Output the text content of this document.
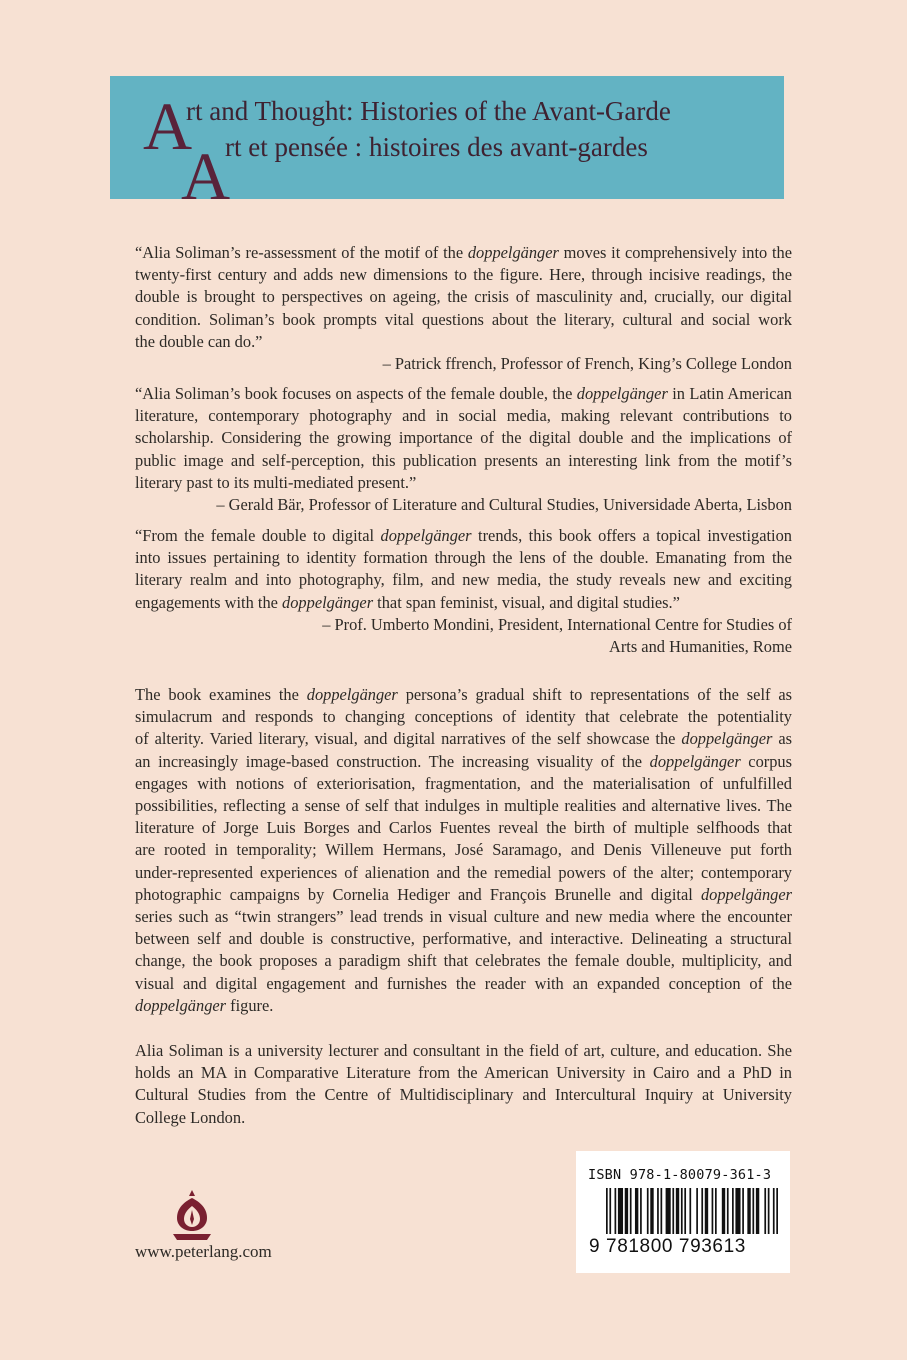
A
rt and Thought: Histories of the Avant-Garde
A
rt et pensée : histoires des avant-gardes
“Alia Soliman’s re-assessment of the motif of the doppelgänger moves it comprehensively into the
twenty-first century and adds new dimensions to the figure. Here, through incisive readings, the
double is brought to perspectives on ageing, the crisis of masculinity and, crucially, our digital
condition. Soliman’s book prompts vital questions about the literary, cultural and social work
the double can do.”
– Patrick ffrench, Professor of French, King’s College London
“Alia Soliman’s book focuses on aspects of the female double, the doppelgänger in Latin American
literature, contemporary photography and in social media, making relevant contributions to
scholarship. Considering the growing importance of the digital double and the implications of
public image and self-perception, this publication presents an interesting link from the motif’s
literary past to its multi-mediated present.”
– Gerald Bär, Professor of Literature and Cultural Studies, Universidade Aberta, Lisbon
“From the female double to digital doppelgänger trends, this book offers a topical investigation
into issues pertaining to identity formation through the lens of the double. Emanating from the
literary realm and into photography, film, and new media, the study reveals new and exciting
engagements with the doppelgänger that span feminist, visual, and digital studies.”
– Prof. Umberto Mondini, President, International Centre for Studies of
Arts and Humanities, Rome
The book examines the doppelgänger persona’s gradual shift to representations of the self as
simulacrum and responds to changing conceptions of identity that celebrate the potentiality
of alterity. Varied literary, visual, and digital narratives of the self showcase the doppelgänger as
an increasingly image-based construction. The increasing visuality of the doppelgänger corpus
engages with notions of exteriorisation, fragmentation, and the materialisation of unfulfilled
possibilities, reflecting a sense of self that indulges in multiple realities and alternative lives. The
literature of Jorge Luis Borges and Carlos Fuentes reveal the birth of multiple selfhoods that
are rooted in temporality; Willem Hermans, José Saramago, and Denis Villeneuve put forth
under-represented experiences of alienation and the remedial powers of the alter; contemporary
photographic campaigns by Cornelia Hediger and François Brunelle and digital doppelgänger
series such as “twin strangers” lead trends in visual culture and new media where the encounter
between self and double is constructive, performative, and interactive. Delineating a structural
change, the book proposes a paradigm shift that celebrates the female double, multiplicity, and
visual and digital engagement and furnishes the reader with an expanded conception of the
doppelgänger figure.
Alia Soliman is a university lecturer and consultant in the field of art, culture, and education. She
holds an MA in Comparative Literature from the American University in Cairo and a PhD in
Cultural Studies from the Centre of Multidisciplinary and Intercultural Inquiry at University
College London.
www.peterlang.com
ISBN 978-1-80079-361-3
9 781800 793613
